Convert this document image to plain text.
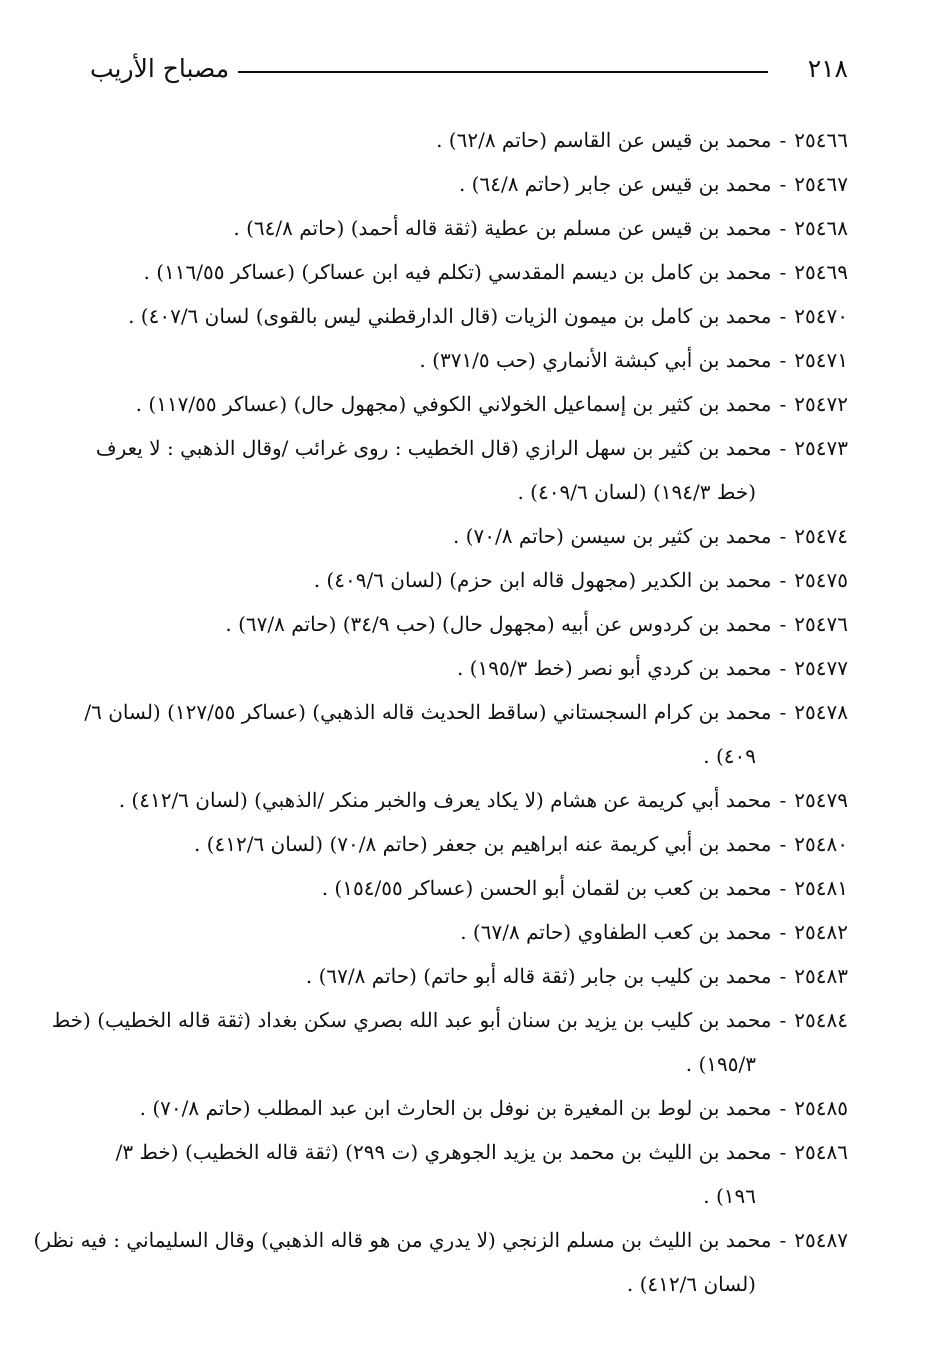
٢١٨
مصباح الأريب
٢٥٤٦٦-محمد بن قيس عن القاسم (حاتم ٦٢/٨) .
٢٥٤٦٧-محمد بن قيس عن جابر (حاتم ٦٤/٨) .
٢٥٤٦٨-محمد بن قيس عن مسلم بن عطية (ثقة قاله أحمد) (حاتم ٦٤/٨) .
٢٥٤٦٩-محمد بن كامل بن ديسم المقدسي (تكلم فيه ابن عساكر) (عساكر ١١٦/٥٥) .
٢٥٤٧٠-محمد بن كامل بن ميمون الزيات (قال الدارقطني ليس بالقوى) لسان ٤٠٧/٦) .
٢٥٤٧١-محمد بن أبي كبشة الأنماري (حب ٣٧١/٥) .
٢٥٤٧٢-محمد بن كثير بن إسماعيل الخولاني الكوفي (مجهول حال) (عساكر ١١٧/٥٥) .
٢٥٤٧٣-محمد بن كثير بن سهل الرازي (قال الخطيب : روى غرائب /وقال الذهبي : لا يعرف
(خط ١٩٤/٣) (لسان ٤٠٩/٦) .
٢٥٤٧٤-محمد بن كثير بن سيسن (حاتم ٧٠/٨) .
٢٥٤٧٥-محمد بن الكدير (مجهول قاله ابن حزم) (لسان ٤٠٩/٦) .
٢٥٤٧٦-محمد بن كردوس عن أبيه (مجهول حال) (حب ٣٤/٩) (حاتم ٦٧/٨) .
٢٥٤٧٧-محمد بن كردي أبو نصر (خط ١٩٥/٣) .
٢٥٤٧٨-محمد بن كرام السجستاني (ساقط الحديث قاله الذهبي) (عساكر ١٢٧/٥٥) (لسان ٦/
٤٠٩) .
٢٥٤٧٩-محمد أبي كريمة عن هشام (لا يكاد يعرف والخبر منكر /الذهبي) (لسان ٤١٢/٦) .
٢٥٤٨٠-محمد بن أبي كريمة عنه ابراهيم بن جعفر (حاتم ٧٠/٨) (لسان ٤١٢/٦) .
٢٥٤٨١-محمد بن كعب بن لقمان أبو الحسن (عساكر ١٥٤/٥٥) .
٢٥٤٨٢-محمد بن كعب الطفاوي (حاتم ٦٧/٨) .
٢٥٤٨٣-محمد بن كليب بن جابر (ثقة قاله أبو حاتم) (حاتم ٦٧/٨) .
٢٥٤٨٤-محمد بن كليب بن يزيد بن سنان أبو عبد الله بصري سكن بغداد (ثقة قاله الخطيب) (خط
١٩٥/٣) .
٢٥٤٨٥-محمد بن لوط بن المغيرة بن نوفل بن الحارث ابن عبد المطلب (حاتم ٧٠/٨) .
٢٥٤٨٦-محمد بن الليث بن محمد بن يزيد الجوهري (ت ٢٩٩) (ثقة قاله الخطيب) (خط ٣/
١٩٦) .
٢٥٤٨٧-محمد بن الليث بن مسلم الزنجي (لا يدري من هو قاله الذهبي) وقال السليماني : فيه نظر)
(لسان ٤١٢/٦) .
